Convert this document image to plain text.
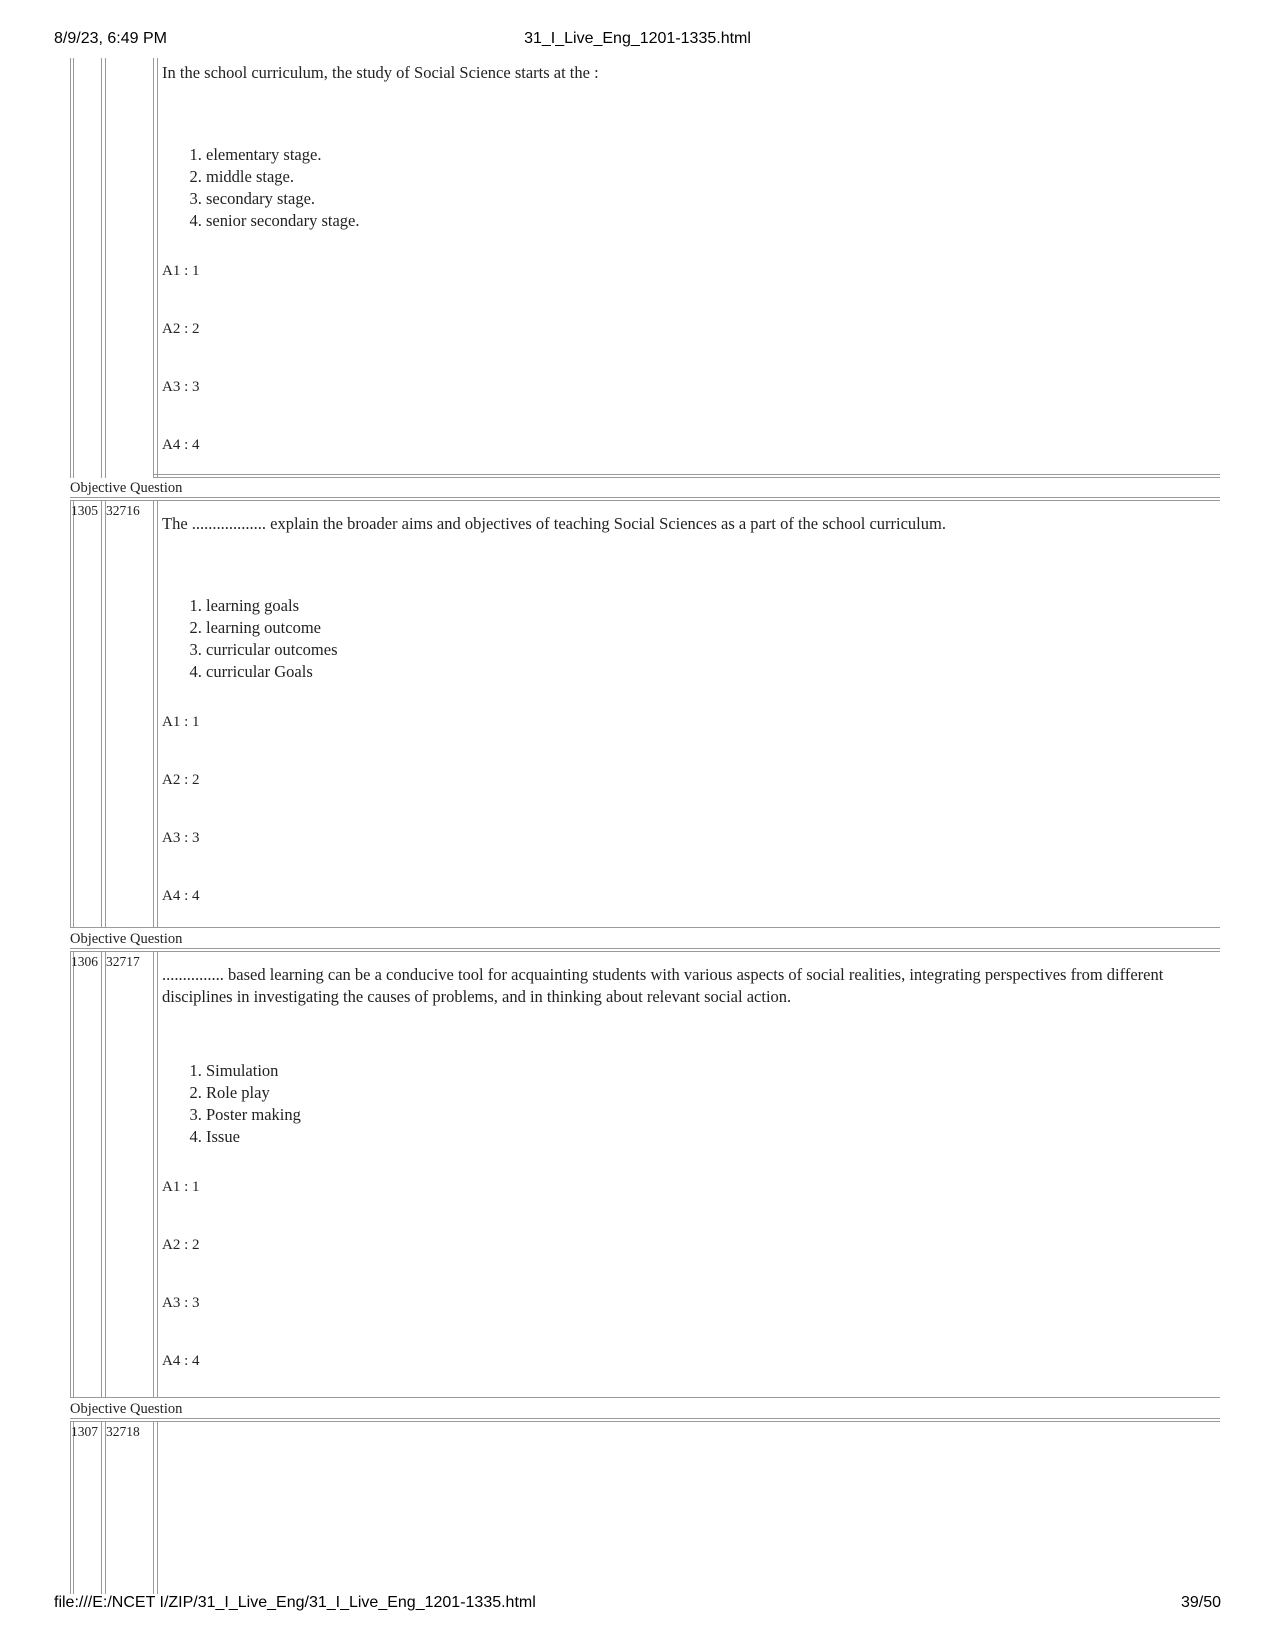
8/9/23, 6:49 PM	31_I_Live_Eng_1201-1335.html

In the school curriculum, the study of Social Science starts at the :

1. elementary stage.
2. middle stage.
3. secondary stage.
4. senior secondary stage.
A1 : 1
A2 : 2
A3 : 3
A4 : 4
Objective Question
1305 32716

The .................. explain the broader aims and objectives of teaching Social Sciences as a part of the school curriculum.

1. learning goals
2. learning outcome
3. curricular outcomes
4. curricular Goals
A1 : 1
A2 : 2
A3 : 3
A4 : 4
Objective Question
1306 32717

............... based learning can be a conducive tool for acquainting students with various aspects of social realities, integrating perspectives from different disciplines in investigating the causes of problems, and in thinking about relevant social action.

1. Simulation
2. Role play
3. Poster making
4. Issue
A1 : 1
A2 : 2
A3 : 3
A4 : 4
Objective Question
1307 32718
file:///E:/NCET I/ZIP/31_I_Live_Eng/31_I_Live_Eng_1201-1335.html	39/50
